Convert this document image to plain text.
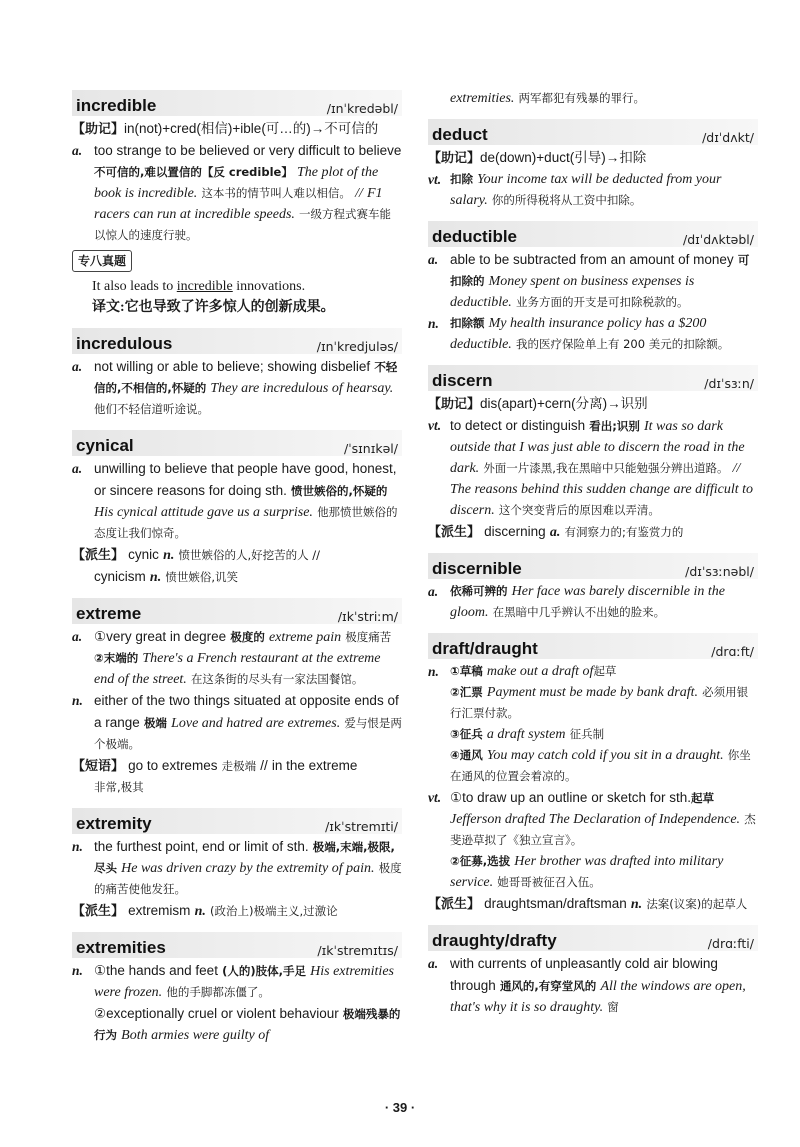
incredible	/ɪnˈkredəbl/
【助记】in(not)+cred(相信)+ible(可…的)→不可信的
a. too strange to be believed or very difficult to believe 不可信的,难以置信的【反 credible】 The plot of the book is incredible. 这本书的情节叫人难以相信。 // F1 racers can run at incredible speeds. 一级方程式赛车能以惊人的速度行驶。
专八真题
It also leads to incredible innovations.
译文:它也导致了许多惊人的创新成果。
incredulous	/ɪnˈkredjuləs/
a. not willing or able to believe; showing disbelief 不轻信的,不相信的,怀疑的 They are incredulous of hearsay. 他们不轻信道听途说。
cynical	/ˈsɪnɪkəl/
a. unwilling to believe that people have good, honest, or sincere reasons for doing sth. 愤世嫉俗的,怀疑的 His cynical attitude gave us a surprise. 他那愤世嫉俗的态度让我们惊奇。
【派生】 cynic n. 愤世嫉俗的人,好挖苦的人 //
cynicism n. 愤世嫉俗,讥笑
extreme	/ɪkˈstriːm/
a. ①very great in degree 极度的 extreme pain 极度痛苦
②末端的 There's a French restaurant at the extreme end of the street. 在这条街的尽头有一家法国餐馆。
n. either of the two things situated at opposite ends of a range 极端 Love and hatred are extremes. 爱与恨是两个极端。
【短语】 go to extremes 走极端 // in the extreme
非常,极其
extremity	/ɪkˈstremɪti/
n. the furthest point, end or limit of sth. 极端,末端,极限,尽头 He was driven crazy by the extremity of pain. 极度的痛苦使他发狂。
【派生】 extremism n. (政治上)极端主义,过激论
extremities	/ɪkˈstremɪtɪs/
n. ①the hands and feet (人的)肢体,手足 His extremities were frozen. 他的手脚都冻僵了。
②exceptionally cruel or violent behaviour 极端残暴的行为 Both armies were guilty of
extremities. 两军都犯有残暴的罪行。
deduct	/dɪˈdʌkt/
【助记】de(down)+duct(引导)→扣除
vt. 扣除 Your income tax will be deducted from your salary. 你的所得税将从工资中扣除。
deductible	/dɪˈdʌktəbl/
a. able to be subtracted from an amount of money 可扣除的 Money spent on business expenses is deductible. 业务方面的开支是可扣除税款的。
n. 扣除额 My health insurance policy has a $200 deductible. 我的医疗保险单上有 200 美元的扣除额。
discern	/dɪˈsɜːn/
【助记】dis(apart)+cern(分离)→识别
vt. to detect or distinguish 看出;识别 It was so dark outside that I was just able to discern the road in the dark. 外面一片漆黑,我在黑暗中只能勉强分辨出道路。 // The reasons behind this sudden change are difficult to discern. 这个突变背后的原因难以弄清。
【派生】 discerning a. 有洞察力的;有鉴赏力的
discernible	/dɪˈsɜːnəbl/
a.	依稀可辨的 Her face was barely discernible in the gloom. 在黑暗中几乎辨认不出她的脸来。
draft/draught	/drɑːft/
n. ①草稿 make out a draft of起草
②汇票 Payment must be made by bank draft. 必须用银行汇票付款。
③征兵 a draft system 征兵制
④通风 You may catch cold if you sit in a draught. 你坐在通风的位置会着凉的。
vt. ①to draw up an outline or sketch for sth.起草 Jefferson drafted The Declaration of Independence. 杰斐逊草拟了《独立宣言》。
②征募,选拔 Her brother was drafted into military service. 她哥哥被征召入伍。
【派生】 draughtsman/draftsman n. 法案(议案)的起草人
draughty/drafty	/drɑːfti/
a. with currents of unpleasantly cold air blowing through 通风的,有穿堂风的 All the windows are open, that's why it is so draughty. 窗
· 39 ·
